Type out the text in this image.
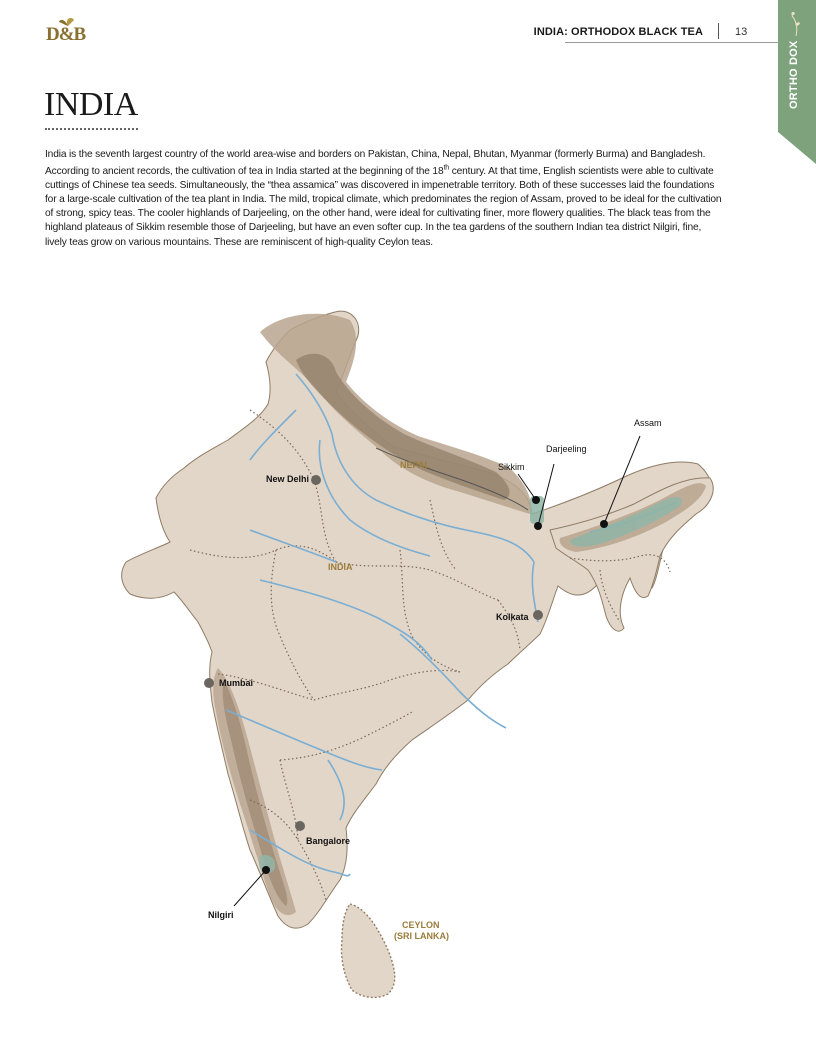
D&B	INDIA: ORTHODOX BLACK TEA	13
ORTHO DOX
INDIA

India is the seventh largest country of the world area-wise and borders on Pakistan, China, Nepal, Bhutan, Myanmar (formerly Burma) and Bangladesh.

According to ancient records, the cultivation of tea in India started at the beginning of the 18th century. At that time, English scientists were able to cultivate cuttings of Chinese tea seeds. Simultaneously, the “thea assamica” was discovered in impenetrable territory. Both of these successes laid the foundations for a large-scale cultivation of the tea plant in India. The mild, tropical climate, which predominates the region of Assam, proved to be ideal for the cultivation of strong, spicy teas. The cooler highlands of Darjeeling, on the other hand, were ideal for cultivating finer, more flowery qualities. The black teas from the highland plateaus of Sikkim resemble those of Darjeeling, but have an even softer cup. In the tea gardens of the southern Indian tea district Nilgiri, fine, lively teas grow on various mountains. These are reminiscent of high-quality Ceylon teas.

Assam
Darjeeling
Sikkim
NEPAL
New Delhi
INDIA
Kolkata
Mumbai
Bangalore
Nilgiri
CEYLON
(SRI LANKA)
